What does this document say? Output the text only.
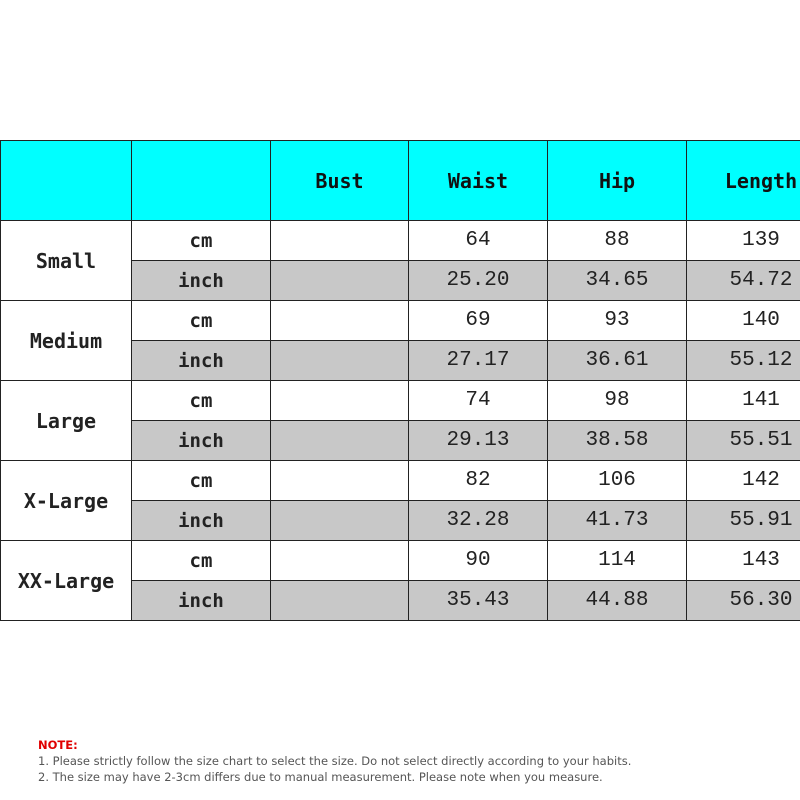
		Bust	Waist	Hip	Length
Small	cm		64	88	139
	inch		25.20	34.65	54.72
Medium	cm		69	93	140
	inch		27.17	36.61	55.12
Large	cm		74	98	141
	inch		29.13	38.58	55.51
X-Large	cm		82	106	142
	inch		32.28	41.73	55.91
XX-Large	cm		90	114	143
	inch		35.43	44.88	56.30
NOTE:
1. Please strictly follow the size chart to select the size. Do not select directly according to your habits.
2. The size may have 2-3cm differs due to manual measurement. Please note when you measure.
